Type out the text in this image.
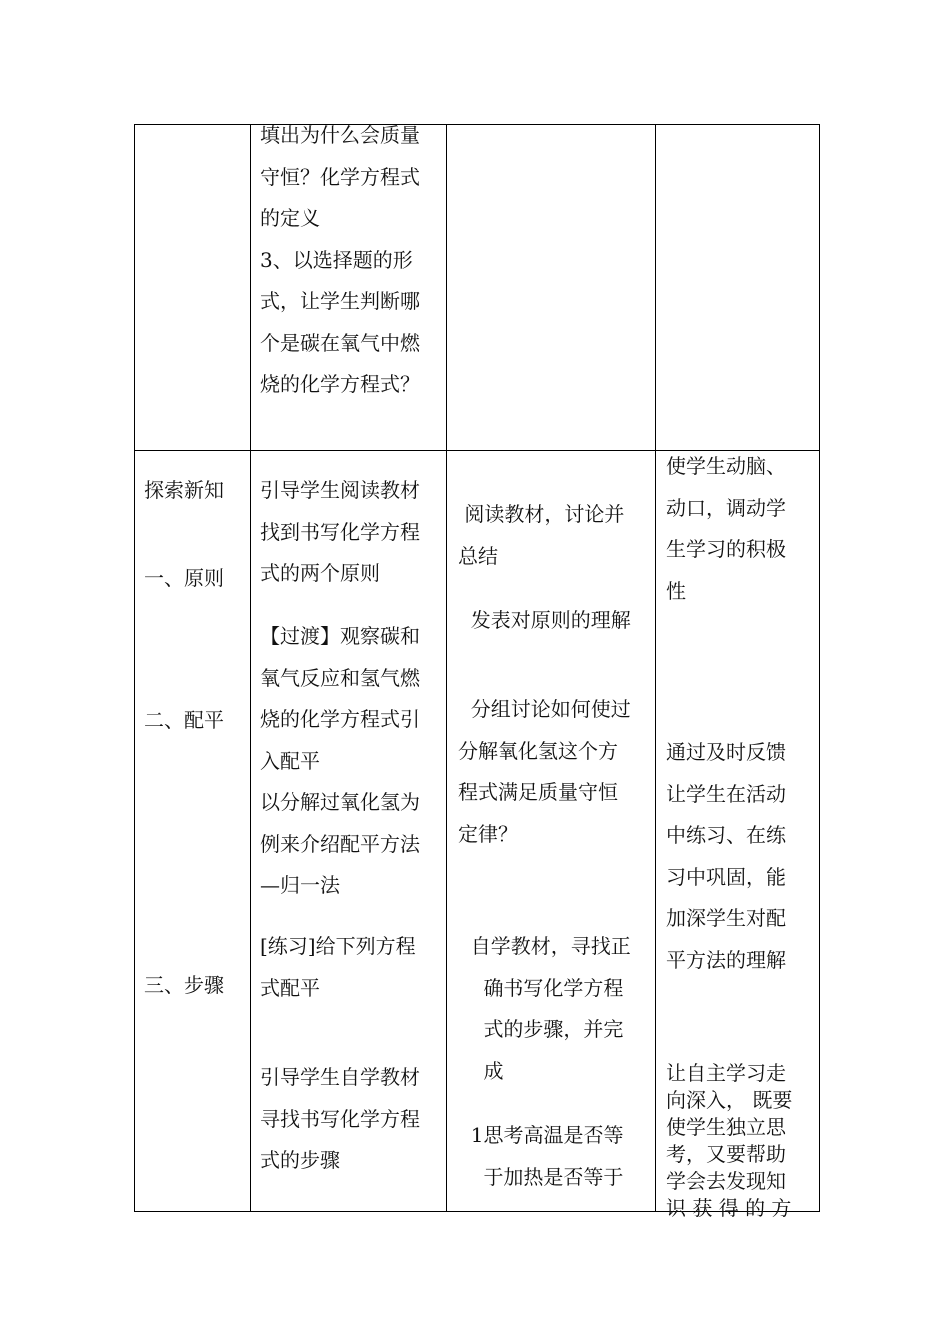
填出为什么会质量
守恒？化学方程式
的定义
3、以选择题的形
式，让学生判断哪
个是碳在氧气中燃
烧的化学方程式？
探索新知
一、原则
二、配平
三、步骤
引导学生阅读教材
找到书写化学方程
式的两个原则
【过渡】观察碳和
氧气反应和氢气燃
烧的化学方程式引
入配平
以分解过氧化氢为
例来介绍配平方法
—归一法
[练习]给下列方程
式配平
引导学生自学教材
寻找书写化学方程
式的步骤
阅读教材，讨论并
总结
发表对原则的理解
分组讨论如何使过
分解氧化氢这个方
程式满足质量守恒
定律？
自学教材，寻找正
确书写化学方程
式的步骤，并完
成
1思考高温是否等
于加热是否等于
使学生动脑、
动口，调动学
生学习的积极
性
通过及时反馈
让学生在活动
中练习、在练
习中巩固，能
加深学生对配
平方法的理解
让自主学习走
向深入， 既要
使学生独立思
考，又要帮助
学会去发现知
识 获 得 的 方
